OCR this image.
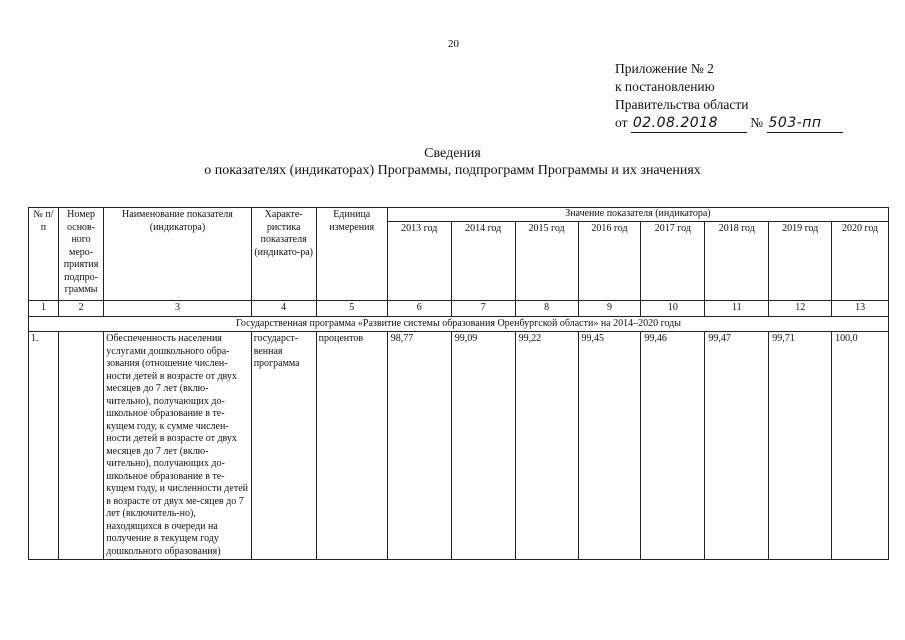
20
Приложение № 2
к постановлению
Правительства области
от 02.08.2018 № 503-пп
Сведения
о показателях (индикаторах) Программы, подпрограмм Программы и их значениях
№ п/п	Номер основ-ного меро-приятия подпро-граммы	Наименование показателя (индикатора)	Характе-ристика показателя (индикато-ра)	Единица измерения	Значение показателя (индикатора)							
					2013 год	2014 год	2015 год	2016 год	2017 год	2018 год	2019 год	2020 год
1	2	3	4	5	6	7	8	9	10	11	12	13
Государственная программа «Развитие системы образования Оренбургской области» на 2014–2020 годы												
1.		Обеспеченность населения услугами дошкольного обра-зования (отношение числен-ности детей в возрасте от двух месяцев до 7 лет (вклю-чительно), получающих до-школьное образование в те-кущем году, к сумме числен-ности детей в возрасте от двух месяцев до 7 лет (вклю-чительно), получающих до-школьное образование в те-кущем году, и численности детей в возрасте от двух ме-сяцев до 7 лет (включитель-но), находящихся в очереди на получение в текущем году дошкольного образования)	государст-венная программа	процентов	98,77	99,09	99,22	99,45	99,46	99,47	99,71	100,0
